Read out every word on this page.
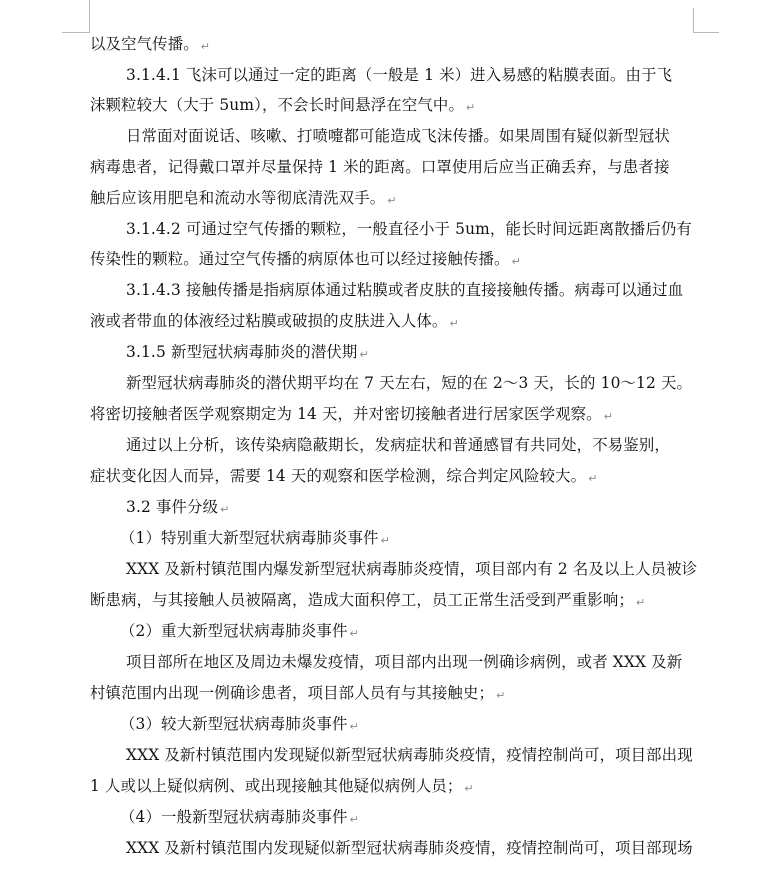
以及空气传播。 ↵
3.1.4.1 飞沫可以通过一定的距离（一般是 1 米）进入易感的粘膜表面。由于飞
沫颗粒较大（大于 5um），不会长时间悬浮在空气中。 ↵
日常面对面说话、咳嗽、打喷嚏都可能造成飞沫传播。如果周围有疑似新型冠状
病毒患者，记得戴口罩并尽量保持 1 米的距离。口罩使用后应当正确丢弃，与患者接
触后应该用肥皂和流动水等彻底清洗双手。 ↵
3.1.4.2 可通过空气传播的颗粒，一般直径小于 5um，能长时间远距离散播后仍有
传染性的颗粒。通过空气传播的病原体也可以经过接触传播。 ↵
3.1.4.3 接触传播是指病原体通过粘膜或者皮肤的直接接触传播。病毒可以通过血
液或者带血的体液经过粘膜或破损的皮肤进入人体。 ↵
3.1.5 新型冠状病毒肺炎的潜伏期 ↵
新型冠状病毒肺炎的潜伏期平均在 7 天左右，短的在 2～3 天，长的 10～12 天。
将密切接触者医学观察期定为 14 天，并对密切接触者进行居家医学观察。 ↵
通过以上分析，该传染病隐蔽期长，发病症状和普通感冒有共同处，不易鉴别，
症状变化因人而异，需要 14 天的观察和医学检测，综合判定风险较大。 ↵
3.2 事件分级 ↵
（1）特别重大新型冠状病毒肺炎事件 ↵
XXX 及新村镇范围内爆发新型冠状病毒肺炎疫情，项目部内有 2 名及以上人员被诊
断患病，与其接触人员被隔离，造成大面积停工，员工正常生活受到严重影响； ↵
（2）重大新型冠状病毒肺炎事件 ↵
项目部所在地区及周边未爆发疫情，项目部内出现一例确诊病例，或者 XXX 及新
村镇范围内出现一例确诊患者，项目部人员有与其接触史； ↵
（3）较大新型冠状病毒肺炎事件 ↵
XXX 及新村镇范围内发现疑似新型冠状病毒肺炎疫情，疫情控制尚可，项目部出现
1 人或以上疑似病例、或出现接触其他疑似病例人员； ↵
（4）一般新型冠状病毒肺炎事件 ↵
XXX 及新村镇范围内发现疑似新型冠状病毒肺炎疫情，疫情控制尚可，项目部现场
